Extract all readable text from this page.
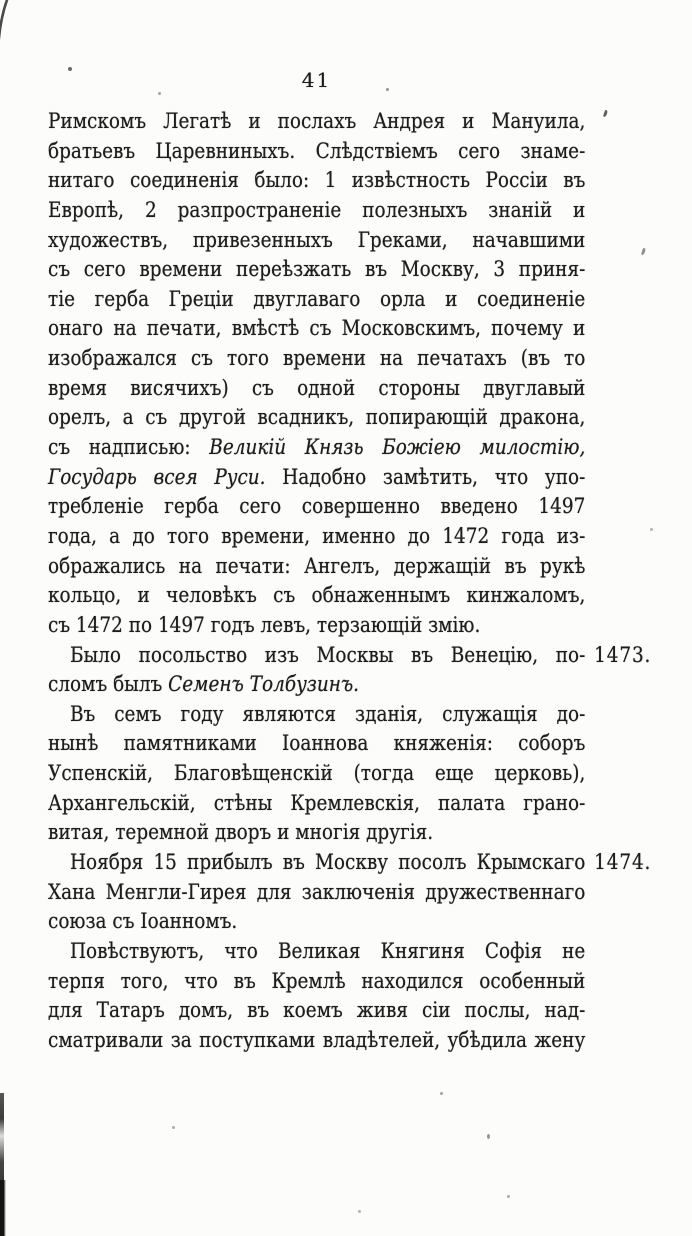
41
Римскомъ Легатѣ и послахъ Андрея и Мануила,
братьевъ Царевниныхъ. Слѣдствіемъ сего знаме-
нитаго соединенія было: 1 извѣстность Россіи въ
Европѣ, 2 разпространеніе полезныхъ знаній и
художествъ, привезенныхъ Греками, начавшими
съ сего времени переѣзжать въ Москву, 3 приня-
тіе герба Греціи двуглаваго орла и соединеніе
онаго на печати, вмѣстѣ съ Московскимъ, почему и
изображался съ того времени на печатахъ (въ то
время висячихъ) съ одной стороны двуглавый
орелъ, а съ другой всадникъ, попирающій дракона,
съ надписью: Великій Князь Божіею милостію,
Государь всея Руси. Надобно замѣтить, что упо-
требленіе герба сего совершенно введено 1497
года, а до того времени, именно до 1472 года из-
ображались на печати: Ангелъ, держащій въ рукѣ
кольцо, и человѣкъ съ обнаженнымъ кинжаломъ,
съ 1472 по 1497 годъ левъ, терзающій змію.
Было посольство изъ Москвы въ Венецію, по- 1473.
сломъ былъ Семенъ Толбузинъ.
Въ семъ году являются зданія, служащія до-
нынѣ памятниками Іоаннова княженія: соборъ
Успенскій, Благовѣщенскій (тогда еще церковь),
Архангельскій, стѣны Кремлевскія, палата грано-
витая, теремной дворъ и многія другія.
Ноября 15 прибылъ въ Москву посолъ Крымскаго 1474.
Хана Менгли-Гирея для заключенія дружественнаго
союза съ Іоанномъ.
Повѣствуютъ, что Великая Княгиня Софія не
терпя того, что въ Кремлѣ находился особенный
для Татаръ домъ, въ коемъ живя сіи послы, над-
сматривали за поступками владѣтелей, убѣдила жену
